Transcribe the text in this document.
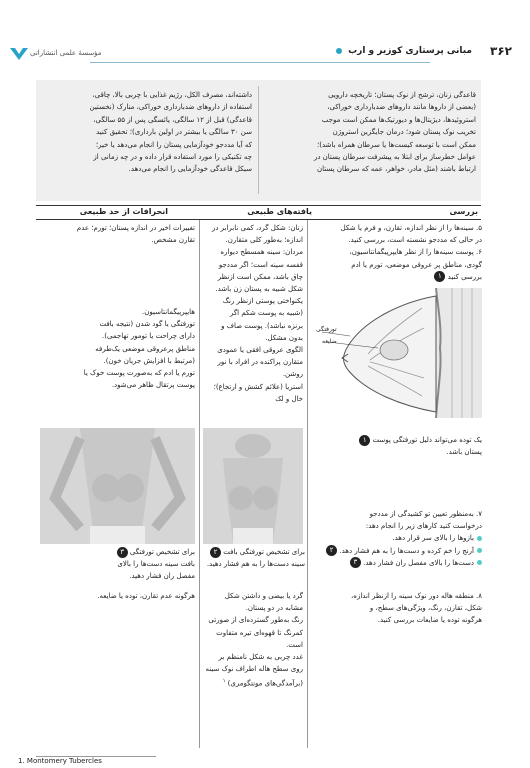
مؤسسهٔ علمی انتشاراتی	مبانی پرستاری کوزیر و ارب ۳۶۲
قاعدگی زنان، ترشح از نوک پستان؛ تاریخچه دارویی
(بعضی از داروها مانند داروهای ضدبارداری خوراکی،
استروئیدها، دیژیتال‌ها و دیورتیک‌ها ممکن است موجب
تخریب نوک پستان شود؛ درمان جایگزین استروژن
ممکن است با توسعه کیست‌ها یا سرطان همراه باشد)؛
عوامل خطرساز برای ابتلا به پیشرفت سرطان پستان در
ارتباط باشند (مثل مادر، خواهر، عمه که سرطان پستان
داشته‌اند، مصرف الکل، رژیم غذایی با چربی بالا، چاقی،
استفاده از داروهای ضدبارداری خوراکی، منارک (نخستین
قاعدگی) قبل از ۱۲ سالگی، یائسگی پس از ۵۵ سالگی،
سن ۳۰ سالگی یا بیشتر در اولین بارداری)؛ تحقیق کنید
که آیا مددجو خودآزمایی پستان را انجام می‌دهد یا خیر؛
چه تکنیکی را مورد استفاده قرار داده و در چه زمانی از
سیکل قاعدگی خودآزمایی را انجام می‌دهد.
بررسی
یافته‌های طبیعی
انحرافات از حد طبیعی
۵. سینه‌ها را از نظر اندازه، تقارن، و فرم یا شکل
در حالی که مددجو نشسته است، بررسی کنید.
۶. پوست سینه‌ها را از نظر هایپرپیگمانتاسیون،
گودی، مناطق پر عروقی موضعی، تورم یا ادم
بررسی کنید ۱
زنان: شکل گرد، کمی نابرابر در
اندازه؛ به‌طور کلی متقارن.
مردان: سینه همسطح دیواره
قفسه سینه است؛ اگر مددجو
چاق باشد، ممکن است ازنظر
شکل شبیه به پستان زن باشد.
یکنواختی پوستی ازنظر رنگ
(شبیه به پوست شکم اگر
برنزه نباشد). پوست صاف و
بدون مشکل.
الگوی عروقی افقی یا عمودی
متقارن پراکنده در افراد با نور روشن.
استریا (علائم کشش و ارتجاع)؛
خال و لک
تغییرات اخیر در اندازه پستان؛ تورم؛ عدم
تقارن مشخص.
هایپرپیگمانتاسیون.
تورفتگی یا گود شدن (نتیجه بافت
دارای چراحت یا تومور تهاجمی).
مناطق پرعروقی موضعی یک‌طرفه
(مرتبط با افزایش جریان خون).
تورم یا ادم که به‌صورت پوست خوک یا
پوست پرتقال ظاهر می‌شود.
تورفتگی
ضایعه
یک توده می‌تواند دلیل تورفتگی پوست ۱
پستان باشد.
برای تشخیص تورفتگی بافت ۲
سینه دست‌ها را به هم فشار دهید.
برای تشخیص تورفتگی ۳
بافت سینه دست‌ها را بالای
مفصل ران فشار دهید.
۷. به‌منظور تعیین تو کشیدگی از مددجو
درخواست کنید کارهای زیر را انجام دهد:
بازوها را بالای سر قرار دهد.
آرنج را خم کرده و دست‌ها را به هم فشار دهد. ۲
دست‌ها را بالای مفصل ران فشار دهد. ۳
۸. منطقه هاله دور نوک سینه را ازنظر اندازه،
شکل، تقارن، رنگ، ویژگی‌های سطح، و
هرگونه توده یا ضایعات بررسی کنید.
گرد یا بیضی و داشتن شکل
مشابه در دو پستان.
رنگ به‌طور گسترده‌ای از صورتی
کمرنگ تا قهوه‌ای تیره متفاوت است.
غدد چربی به شکل نامنظم بر
روی سطح هاله اطراف نوک سینه
(برآمدگی‌های مونتگومری) $^۱$
هرگونه عدم تقارن، توده یا ضایعه.
1. Montomery Tubercles
